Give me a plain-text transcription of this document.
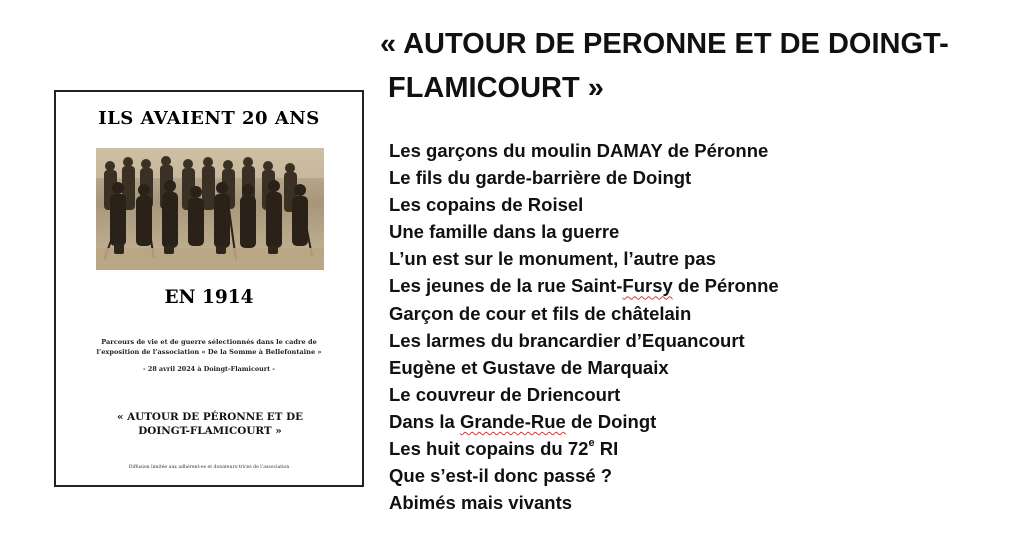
« AUTOUR DE PERONNE ET DE DOINGT-
FLAMICOURT »
Les garçons du moulin DAMAY de Péronne
Le fils du garde-barrière de Doingt
Les copains de Roisel
Une famille dans la guerre
L’un est sur le monument, l’autre pas
Les jeunes de la rue Saint-Fursy de Péronne
Garçon de cour et fils de châtelain
Les larmes du brancardier d’Equancourt
Eugène et Gustave de Marquaix
Le couvreur de Driencourt
Dans la Grande-Rue de Doingt
Les huit copains du 72e RI
Que s’est-il donc passé ?
Abimés mais vivants
ILS AVAIENT 20 ANS
EN 1914
Parcours de vie et de guerre sélectionnés dans le cadre de
l’exposition de l’association « De la Somme à Bellefontaine »
- 28 avril 2024 à Doingt-Flamicourt -
« AUTOUR DE PÉRONNE ET DE
DOINGT-FLAMICOURT »
Diffusion limitée aux adhérent-es et donateurs-trices de l’association
